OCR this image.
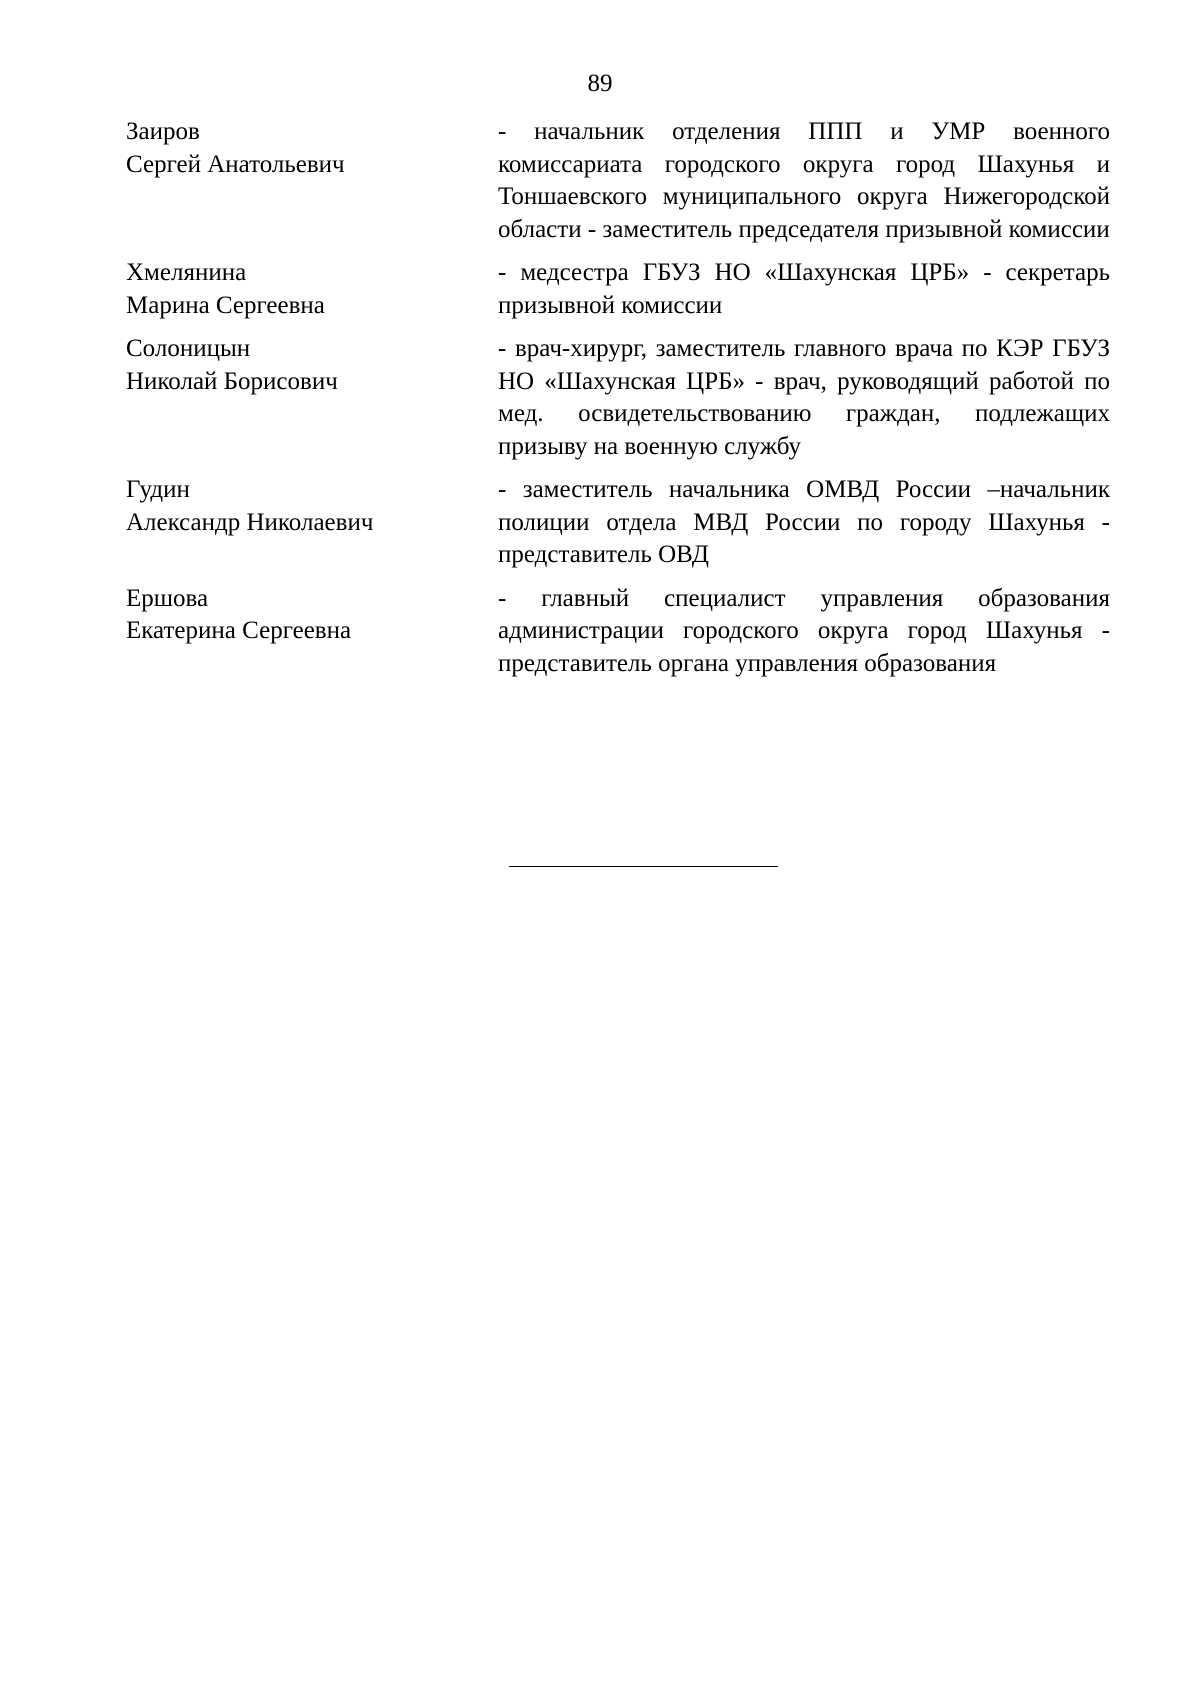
89
Заиров
Сергей Анатольевич
- начальник отделения ППП и УМР военного комиссариата городского округа город Шахунья и Тоншаевского муниципального округа Нижегородской области - заместитель председателя призывной комиссии
Хмелянина
Марина Сергеевна
- медсестра ГБУЗ НО «Шахунская ЦРБ» - секретарь призывной комиссии
Солоницын
Николай Борисович
- врач-хирург, заместитель главного врача по КЭР ГБУЗ НО «Шахунская ЦРБ» - врач, руководящий работой по мед. освидетельствованию граждан, подлежащих призыву на военную службу
Гудин
Александр Николаевич
- заместитель начальника ОМВД России –начальник полиции отдела МВД России по городу Шахунья - представитель ОВД
Ершова
Екатерина Сергеевна
- главный специалист управления образования администрации городского округа город Шахунья - представитель органа управления образования
